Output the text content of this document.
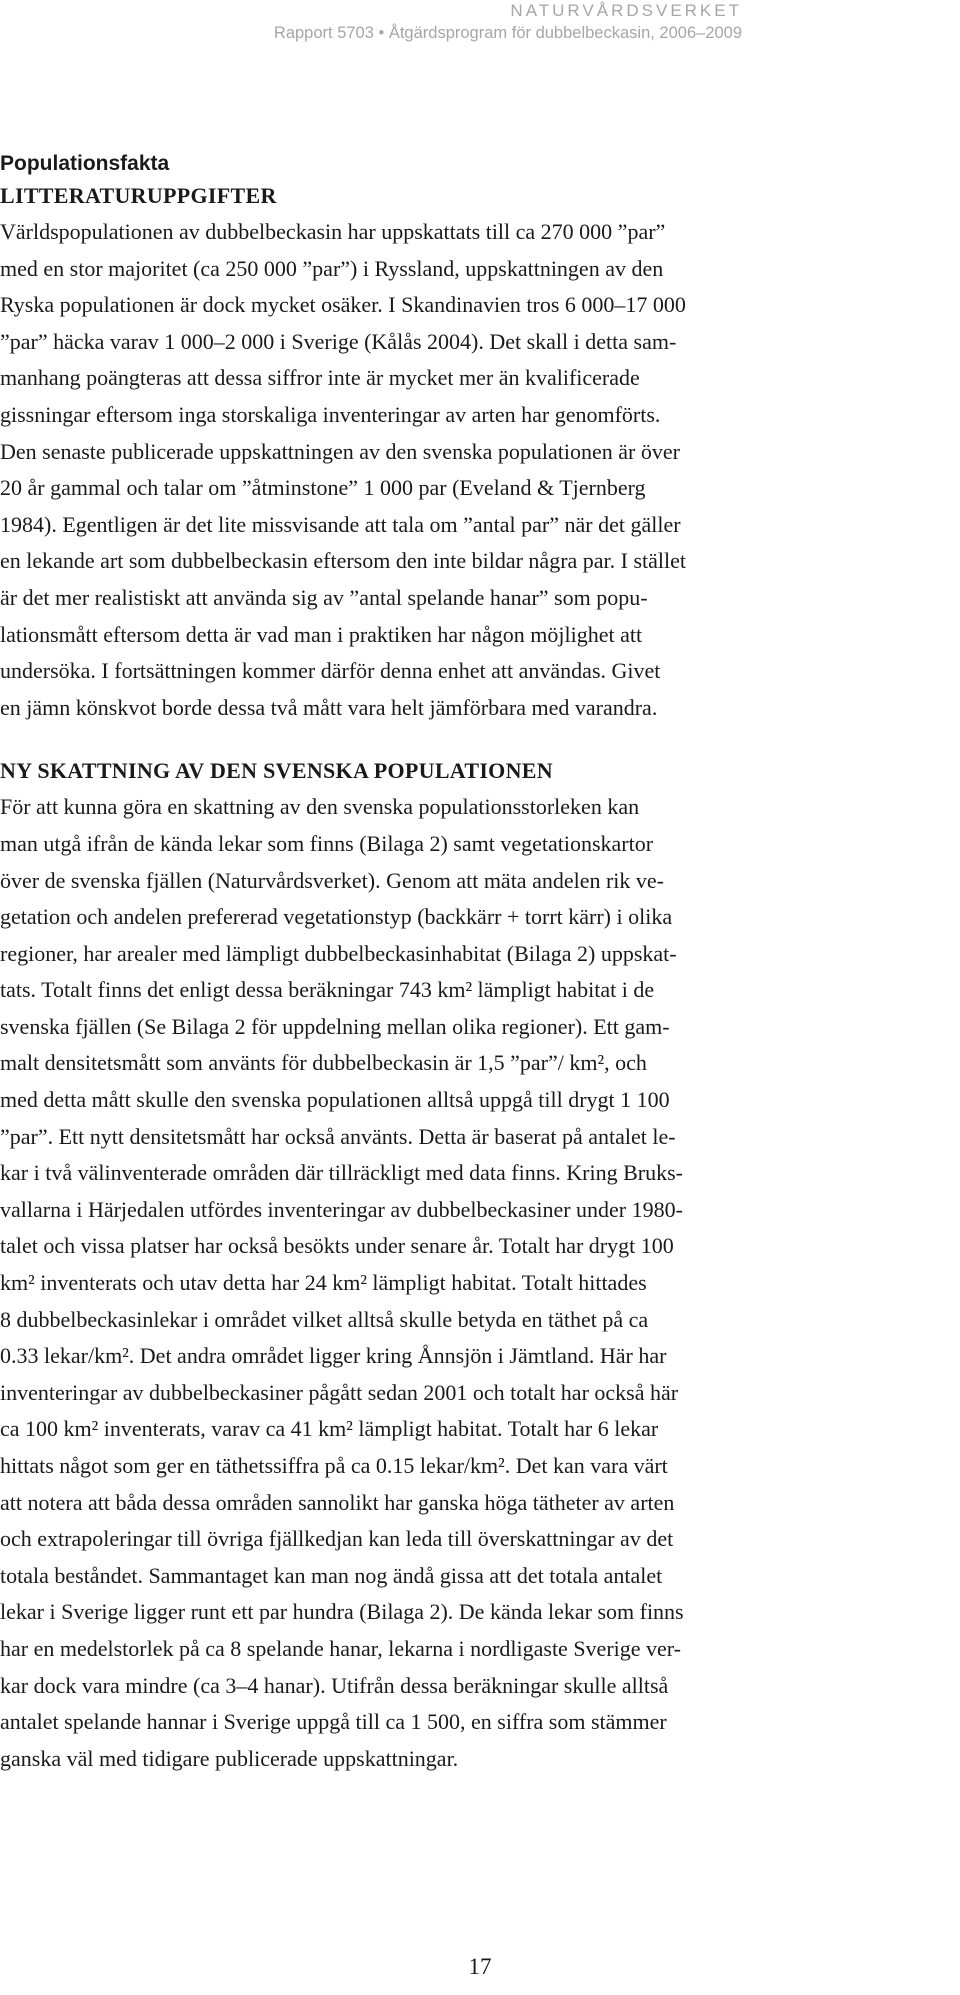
NATURVÅRDSVERKET
Rapport 5703 • Åtgärdsprogram för dubbelbeckasin, 2006–2009
Populationsfakta
LITTERATURUPPGIFTER

Världspopulationen av dubbelbeckasin har uppskattats till ca 270 000 ”par”
med en stor majoritet (ca 250 000 ”par”) i Ryssland, uppskattningen av den
Ryska populationen är dock mycket osäker. I Skandinavien tros 6 000–17 000
”par” häcka varav 1 000–2 000 i Sverige (Kålås 2004). Det skall i detta sam-
manhang poängteras att dessa siffror inte är mycket mer än kvalificerade
gissningar eftersom inga storskaliga inventeringar av arten har genomförts.
Den senaste publicerade uppskattningen av den svenska populationen är över
20 år gammal och talar om ”åtminstone” 1 000 par (Eveland & Tjernberg
1984). Egentligen är det lite missvisande att tala om ”antal par” när det gäller
en lekande art som dubbelbeckasin eftersom den inte bildar några par. I stället
är det mer realistiskt att använda sig av ”antal spelande hanar” som popu-
lationsmått eftersom detta är vad man i praktiken har någon möjlighet att
undersöka. I fortsättningen kommer därför denna enhet att användas. Givet
en jämn könskvot borde dessa två mått vara helt jämförbara med varandra.

NY SKATTNING AV DEN SVENSKA POPULATIONEN

För att kunna göra en skattning av den svenska populationsstorleken kan
man utgå ifrån de kända lekar som finns (Bilaga 2) samt vegetationskartor
över de svenska fjällen (Naturvårdsverket). Genom att mäta andelen rik ve-
getation och andelen prefererad vegetationstyp (backkärr + torrt kärr) i olika
regioner, har arealer med lämpligt dubbelbeckasinhabitat (Bilaga 2) uppskat-
tats. Totalt finns det enligt dessa beräkningar 743 km² lämpligt habitat i de
svenska fjällen (Se Bilaga 2 för uppdelning mellan olika regioner). Ett gam-
malt densitetsmått som använts för dubbelbeckasin är 1,5 ”par”/ km², och
med detta mått skulle den svenska populationen alltså uppgå till drygt 1 100
”par”. Ett nytt densitetsmått har också använts. Detta är baserat på antalet le-
kar i två välinventerade områden där tillräckligt med data finns. Kring Bruks-
vallarna i Härjedalen utfördes inventeringar av dubbelbeckasiner under 1980-
talet och vissa platser har också besökts under senare år. Totalt har drygt 100
km² inventerats och utav detta har 24 km² lämpligt habitat. Totalt hittades
8 dubbelbeckasinlekar i området vilket alltså skulle betyda en täthet på ca
0.33 lekar/km². Det andra området ligger kring Ånnsjön i Jämtland. Här har
inventeringar av dubbelbeckasiner pågått sedan 2001 och totalt har också här
ca 100 km² inventerats, varav ca 41 km² lämpligt habitat. Totalt har 6 lekar
hittats något som ger en täthetssiffra på ca 0.15 lekar/km². Det kan vara värt
att notera att båda dessa områden sannolikt har ganska höga tätheter av arten
och extrapoleringar till övriga fjällkedjan kan leda till överskattningar av det
totala beståndet. Sammantaget kan man nog ändå gissa att det totala antalet
lekar i Sverige ligger runt ett par hundra (Bilaga 2). De kända lekar som finns
har en medelstorlek på ca 8 spelande hanar, lekarna i nordligaste Sverige ver-
kar dock vara mindre (ca 3–4 hanar). Utifrån dessa beräkningar skulle alltså
antalet spelande hannar i Sverige uppgå till ca 1 500, en siffra som stämmer
ganska väl med tidigare publicerade uppskattningar.

17
